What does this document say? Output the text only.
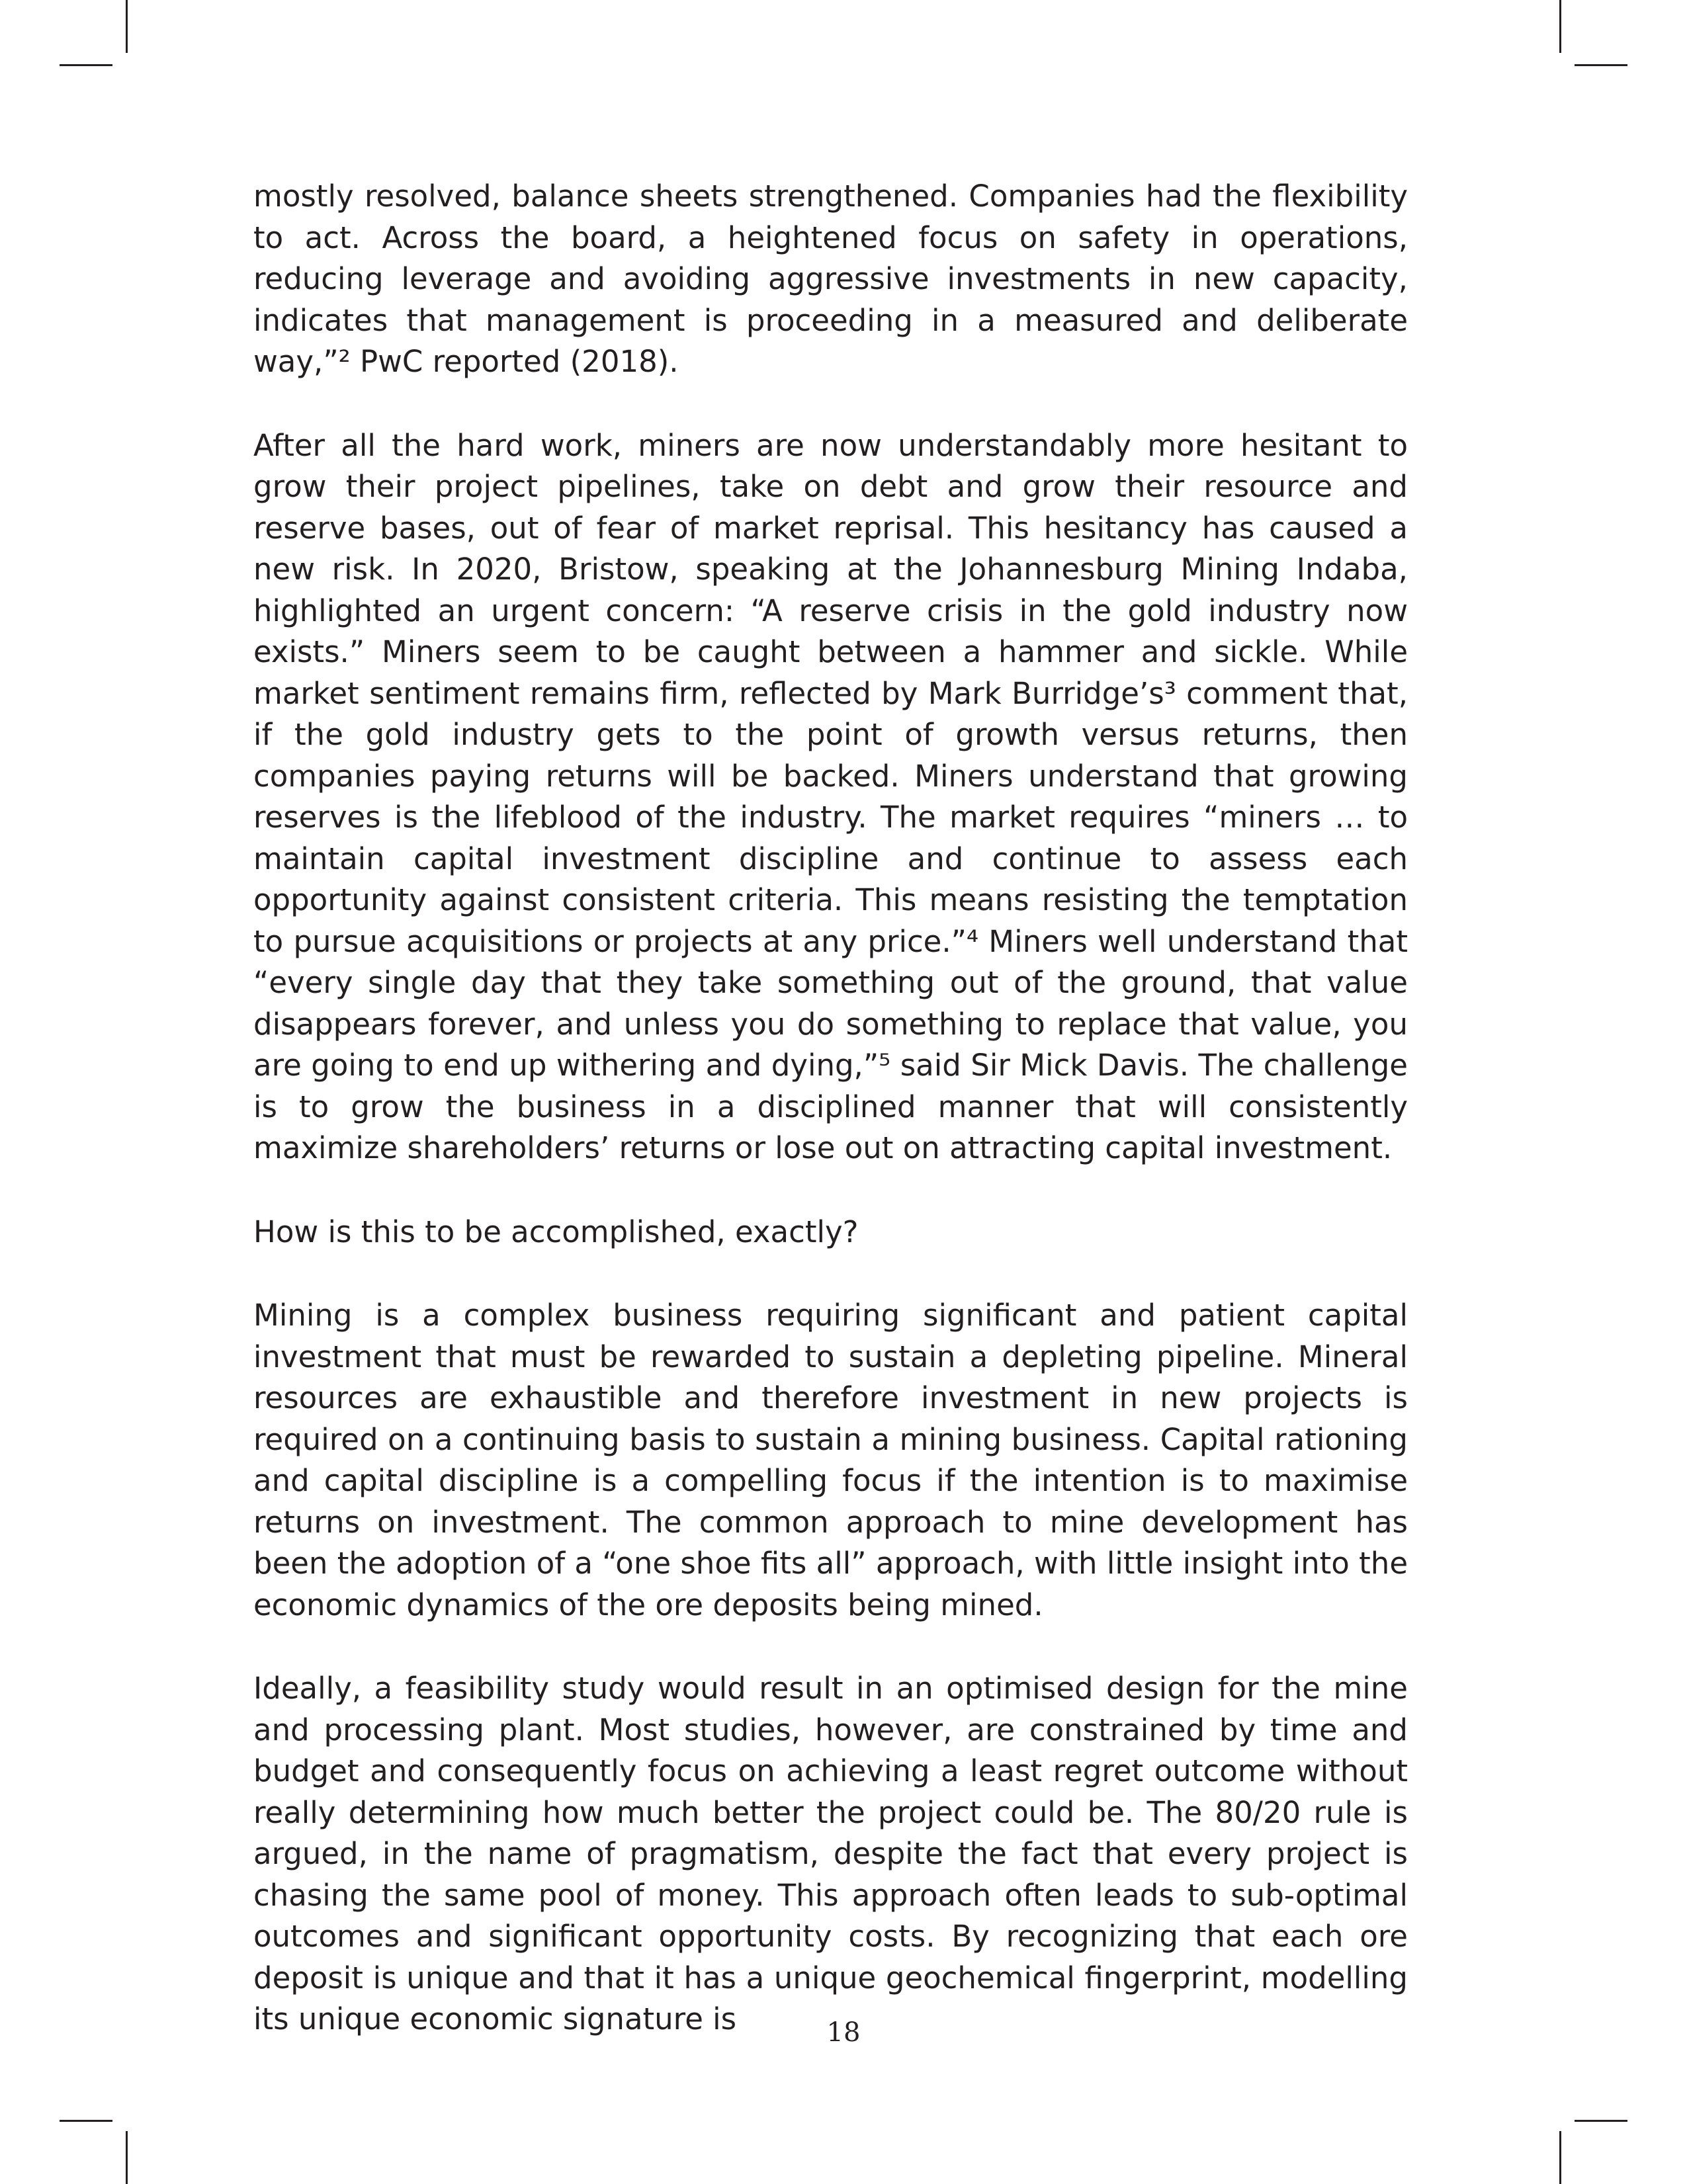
mostly resolved, balance sheets strengthened. Companies had the flexibility to act. Across the board, a heightened focus on safety in operations, reducing leverage and avoiding aggressive investments in new capacity, indicates that management is proceeding in a measured and deliberate way,”² PwC reported (2018).

After all the hard work, miners are now understandably more hesitant to grow their project pipelines, take on debt and grow their resource and reserve bases, out of fear of market reprisal. This hesitancy has caused a new risk. In 2020, Bristow, speaking at the Johannesburg Mining Indaba, highlighted an urgent concern: “A reserve crisis in the gold industry now exists.” Miners seem to be caught between a hammer and sickle. While market sentiment remains firm, reflected by Mark Burridge’s³ comment that, if the gold industry gets to the point of growth versus returns, then companies paying returns will be backed. Miners understand that growing reserves is the lifeblood of the industry. The market requires “miners … to maintain capital investment discipline and continue to assess each opportunity against consistent criteria. This means resisting the temptation to pursue acquisitions or projects at any price.”⁴ Miners well understand that “every single day that they take something out of the ground, that value disappears forever, and unless you do something to replace that value, you are going to end up withering and dying,”⁵ said Sir Mick Davis. The challenge is to grow the business in a disciplined manner that will consistently maximize shareholders’ returns or lose out on attracting capital investment.

How is this to be accomplished, exactly?

Mining is a complex business requiring significant and patient capital investment that must be rewarded to sustain a depleting pipeline. Mineral resources are exhaustible and therefore investment in new projects is required on a continuing basis to sustain a mining business. Capital rationing and capital discipline is a compelling focus if the intention is to maximise returns on investment. The common approach to mine development has been the adoption of a “one shoe fits all” approach, with little insight into the economic dynamics of the ore deposits being mined.

Ideally, a feasibility study would result in an optimised design for the mine and processing plant. Most studies, however, are constrained by time and budget and consequently focus on achieving a least regret outcome without really determining how much better the project could be. The 80/20 rule is argued, in the name of pragmatism, despite the fact that every project is chasing the same pool of money. This approach often leads to sub-optimal outcomes and significant opportunity costs. By recognizing that each ore deposit is unique and that it has a unique geochemical fingerprint, modelling its unique economic signature is	18
